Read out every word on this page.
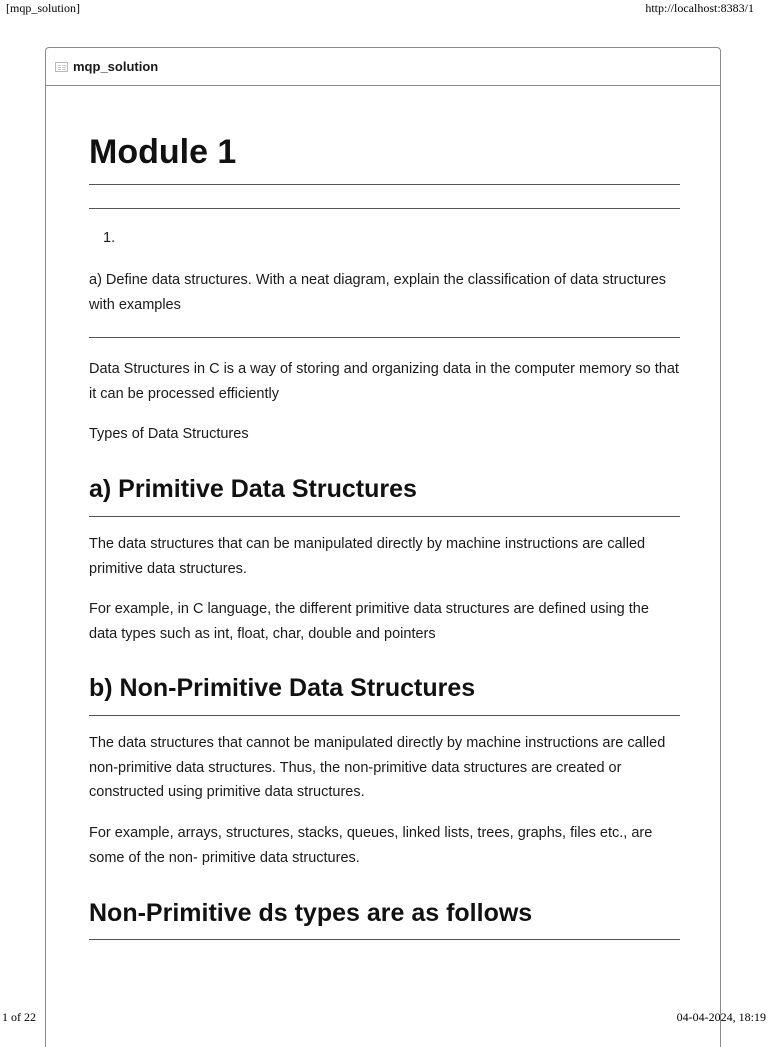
[mqp_solution]	http://localhost:8383/1
mqp_solution
Module 1
1.

a) Define data structures. With a neat diagram, explain the classification of data structures with examples

Data Structures in C is a way of storing and organizing data in the computer memory so that it can be processed efficiently

Types of Data Structures

a) Primitive Data Structures

The data structures that can be manipulated directly by machine instructions are called primitive data structures.

For example, in C language, the different primitive data structures are defined using the data types such as int, float, char, double and pointers

b) Non-Primitive Data Structures

The data structures that cannot be manipulated directly by machine instructions are called non-primitive data structures. Thus, the non-primitive data structures are created or constructed using primitive data structures.

For example, arrays, structures, stacks, queues, linked lists, trees, graphs, files etc., are some of the non- primitive data structures.

Non-Primitive ds types are as follows
1 of 22	04-04-2024, 18:19
